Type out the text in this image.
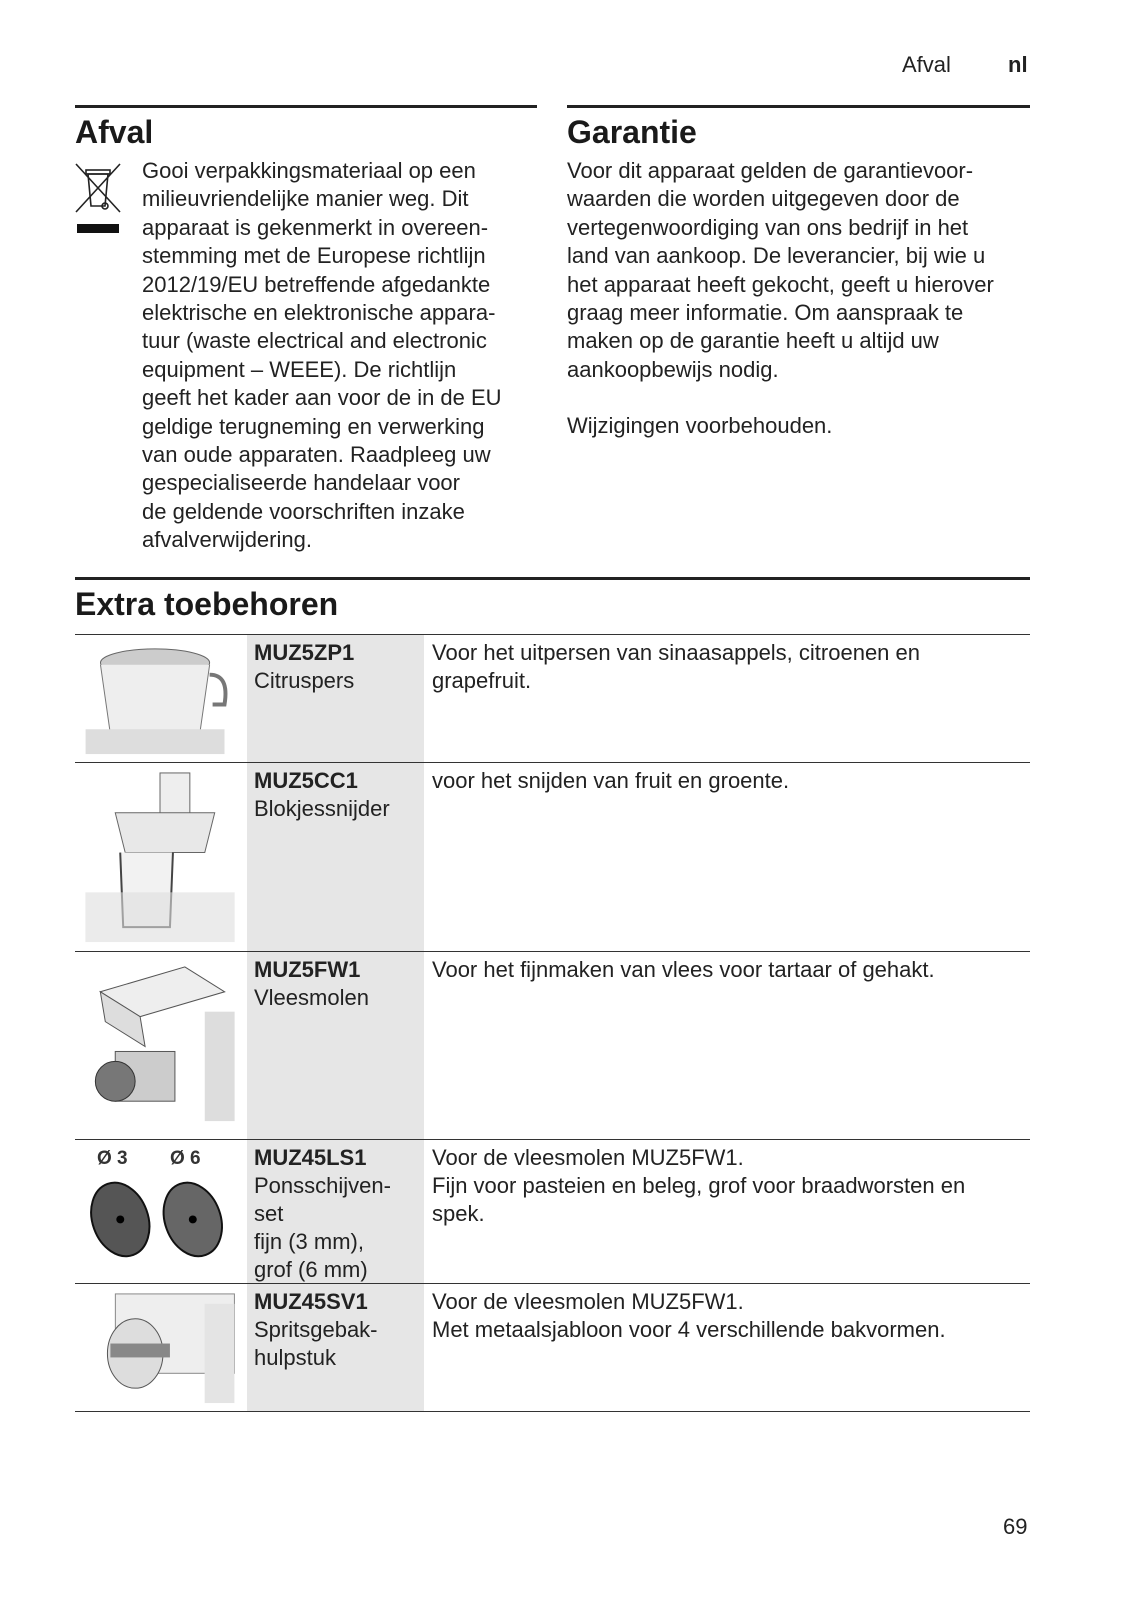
Afval	nl
Afval	Garantie
Gooi verpakkingsmateriaal op een
milieuvriendelijke manier weg. Dit
apparaat is gekenmerkt in overeen-
stemming met de Europese richtlijn
2012/19/EU betreffende afgedankte
elektrische en elektronische appara-
tuur (waste electrical and electronic
equipment – WEEE). De richtlijn
geeft het kader aan voor de in de EU
geldige terugneming en verwerking
van oude apparaten. Raadpleeg uw
gespecialiseerde handelaar voor
de geldende voorschriften inzake
afvalverwijdering.
Voor dit apparaat gelden de garantievoor-
waarden die worden uitgegeven door de
vertegenwoordiging van ons bedrijf in het
land van aankoop. De leverancier, bij wie u
het apparaat heeft gekocht, geeft u hierover
graag meer informatie. Om aanspraak te
maken op de garantie heeft u altijd uw
aankoopbewijs nodig.
Wijzigingen voorbehouden.
Extra toebehoren
MUZ5ZP1
Citruspers
Voor het uitpersen van sinaasappels, citroenen en
grapefruit.
MUZ5CC1
Blokjessnijder
voor het snijden van fruit en groente.
MUZ5FW1
Vleesmolen
Voor het fijnmaken van vlees voor tartaar of gehakt.
Ø 3 Ø 6 MUZ45LS1
Ponsschijven-
set
fijn (3 mm),
grof (6 mm)
Voor de vleesmolen MUZ5FW1.
Fijn voor pasteien en beleg, grof voor braadworsten en
spek.
MUZ45SV1
Spritsgebak-
hulpstuk
Voor de vleesmolen MUZ5FW1.
Met metaalsjabloon voor 4 verschillende bakvormen.
69
